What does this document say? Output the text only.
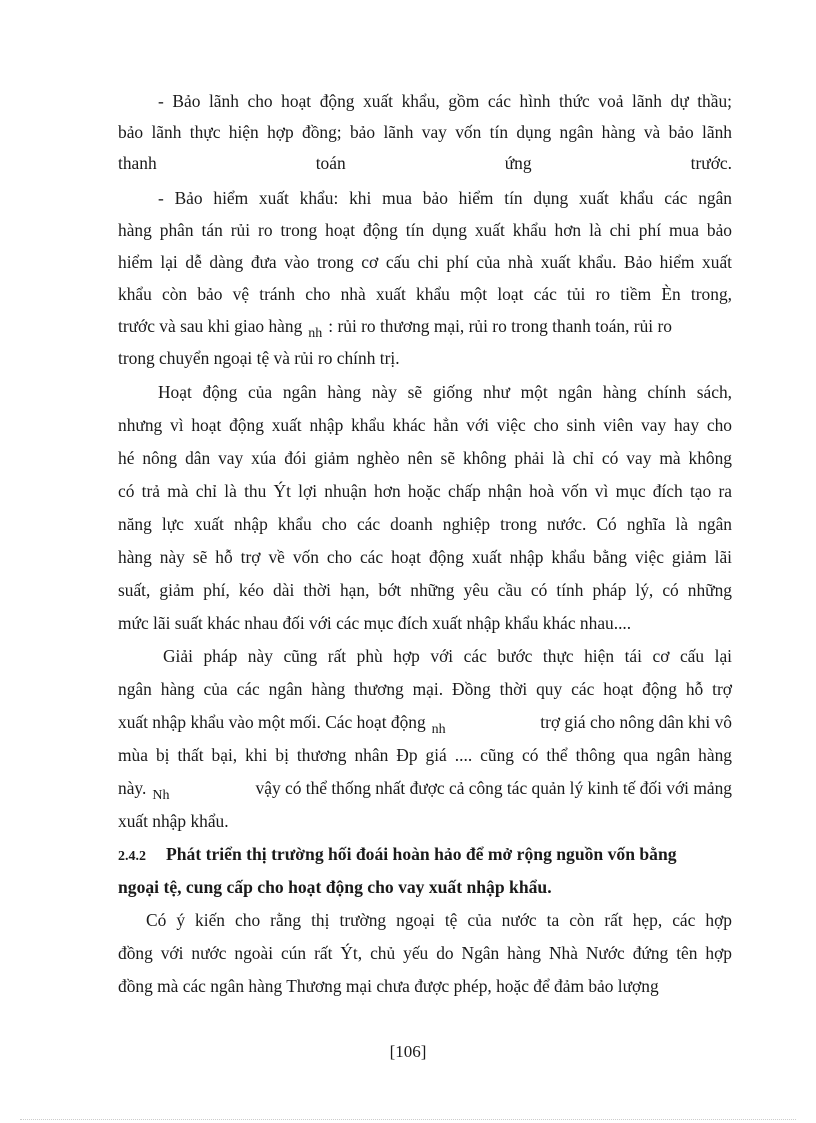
- Bảo lãnh cho hoạt động xuất khẩu, gồm các hình thức voả lãnh dự thầu;
bảo lãnh thực hiện hợp đồng; bảo lãnh vay vốn tín dụng ngân hàng và bảo lãnh
thanh	toán	ứng	trước.
- Bảo hiểm xuất khẩu: khi mua bảo hiểm tín dụng xuất khẩu các ngân
hàng phân tán rủi ro trong hoạt động tín dụng xuất khẩu hơn là chi phí mua bảo
hiểm lại dễ dàng đưa vào trong cơ cấu chi phí của nhà xuất khẩu. Bảo hiểm xuất
khẩu còn bảo vệ tránh cho nhà xuất khẩu một loạt các tủi ro tiềm Èn trong,
trước và sau khi giao hàng $_{nh}$ : rủi ro thương mại, rủi ro trong thanh toán, rủi ro
trong chuyển ngoại tệ và rủi ro chính trị.
Hoạt động của ngân hàng này sẽ giống như một ngân hàng chính sách,
nhưng vì hoạt động xuất nhập khẩu khác hẳn với việc cho sinh viên vay hay cho
hé nông dân vay xúa đói giảm nghèo nên sẽ không phải là chỉ có vay mà không
có trả mà chỉ là thu Ýt lợi nhuận hơn hoặc chấp nhận hoà vốn vì mục đích tạo ra
năng lực xuất nhập khẩu cho các doanh nghiệp trong nước. Có nghĩa là ngân
hàng này sẽ hỗ trợ về vốn cho các hoạt động xuất nhập khẩu bằng việc giảm lãi
suất, giảm phí, kéo dài thời hạn, bớt những yêu cầu có tính pháp lý, có những
mức lãi suất khác nhau đối với các mục đích xuất nhập khẩu khác nhau....
Giải pháp này cũng rất phù hợp với các bước thực hiện tái cơ cấu lại
ngân hàng của các ngân hàng thương mại. Đồng thời quy các hoạt động hỗ trợ
xuất nhập khẩu vào một mối. Các hoạt động $_{nh}$	trợ giá cho nông dân khi vô
mùa bị thất bại, khi bị thương nhân Ðp giá .... cũng có thể thông qua ngân hàng
này. $_{Nh}$	vậy có thể thống nhất được cả công tác quản lý kinh tế đối với mảng
xuất nhập khẩu.
2.4.2 Phát triển thị trường hối đoái hoàn hảo để mở rộng nguồn vốn bằng
ngoại tệ, cung cấp cho hoạt động cho vay xuất nhập khẩu.
Có ý kiến cho rằng thị trường ngoại tệ của nước ta còn rất hẹp, các hợp
đồng với nước ngoài cún rất Ýt, chủ yếu do Ngân hàng Nhà Nước đứng tên hợp
đồng mà các ngân hàng Thương mại chưa được phép, hoặc để đảm bảo lượng
[106]
